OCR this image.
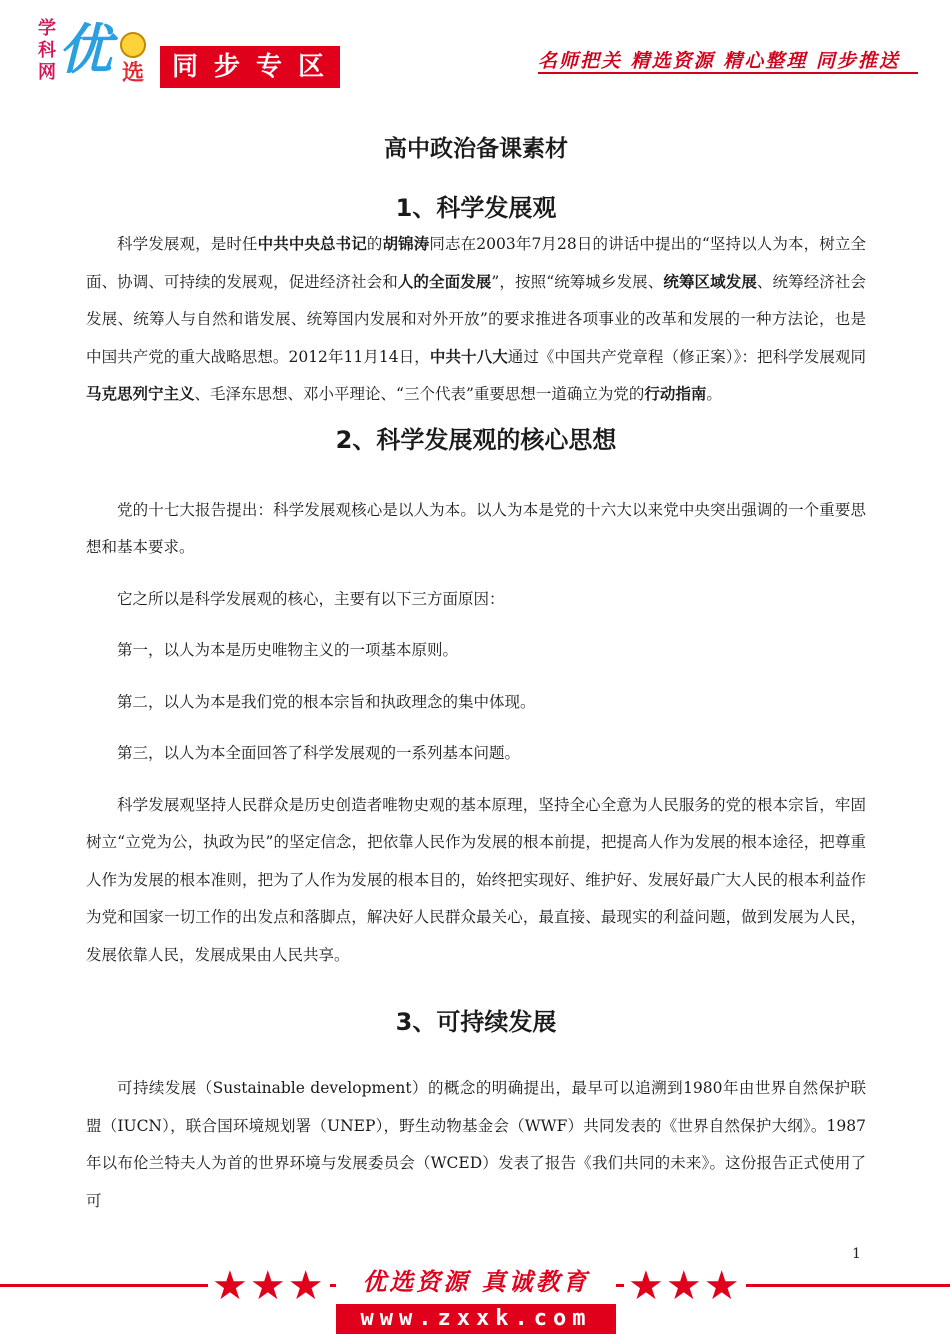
学
科
网 优 选	同步专区	名师把关 精选资源 精心整理 同步推送
高中政治备课素材
1、科学发展观

科学发展观，是时任中共中央总书记的胡锦涛同志在2003年7月28日的讲话中提出的“坚持以人为本，树立全面、协调、可持续的发展观，促进经济社会和人的全面发展”，按照“统筹城乡发展、统筹区域发展、统筹经济社会发展、统筹人与自然和谐发展、统筹国内发展和对外开放”的要求推进各项事业的改革和发展的一种方法论，也是中国共产党的重大战略思想。2012年11月14日，中共十八大通过《中国共产党章程（修正案）》：把科学发展观同马克思列宁主义、毛泽东思想、邓小平理论、“三个代表”重要思想一道确立为党的行动指南。

2、科学发展观的核心思想

党的十七大报告提出：科学发展观核心是以人为本。以人为本是党的十六大以来党中央突出强调的一个重要思想和基本要求。

它之所以是科学发展观的核心，主要有以下三方面原因：

第一，以人为本是历史唯物主义的一项基本原则。

第二，以人为本是我们党的根本宗旨和执政理念的集中体现。

第三，以人为本全面回答了科学发展观的一系列基本问题。

科学发展观坚持人民群众是历史创造者唯物史观的基本原理，坚持全心全意为人民服务的党的根本宗旨，牢固树立“立党为公，执政为民”的坚定信念，把依靠人民作为发展的根本前提，把提高人作为发展的根本途径，把尊重人作为发展的根本准则，把为了人作为发展的根本目的，始终把实现好、维护好、发展好最广大人民的根本利益作为党和国家一切工作的出发点和落脚点，解决好人民群众最关心，最直接、最现实的利益问题，做到发展为人民，发展依靠人民，发展成果由人民共享。

3、可持续发展

可持续发展（Sustainable development）的概念的明确提出，最早可以追溯到1980年由世界自然保护联盟（IUCN），联合国环境规划署（UNEP），野生动物基金会（WWF）共同发表的《世界自然保护大纲》。1987年以布伦兰特夫人为首的世界环境与发展委员会（WCED）发表了报告《我们共同的未来》。这份报告正式使用了可

1
★★★	优选资源 真诚教育 ★★★
www.zxxk.com
